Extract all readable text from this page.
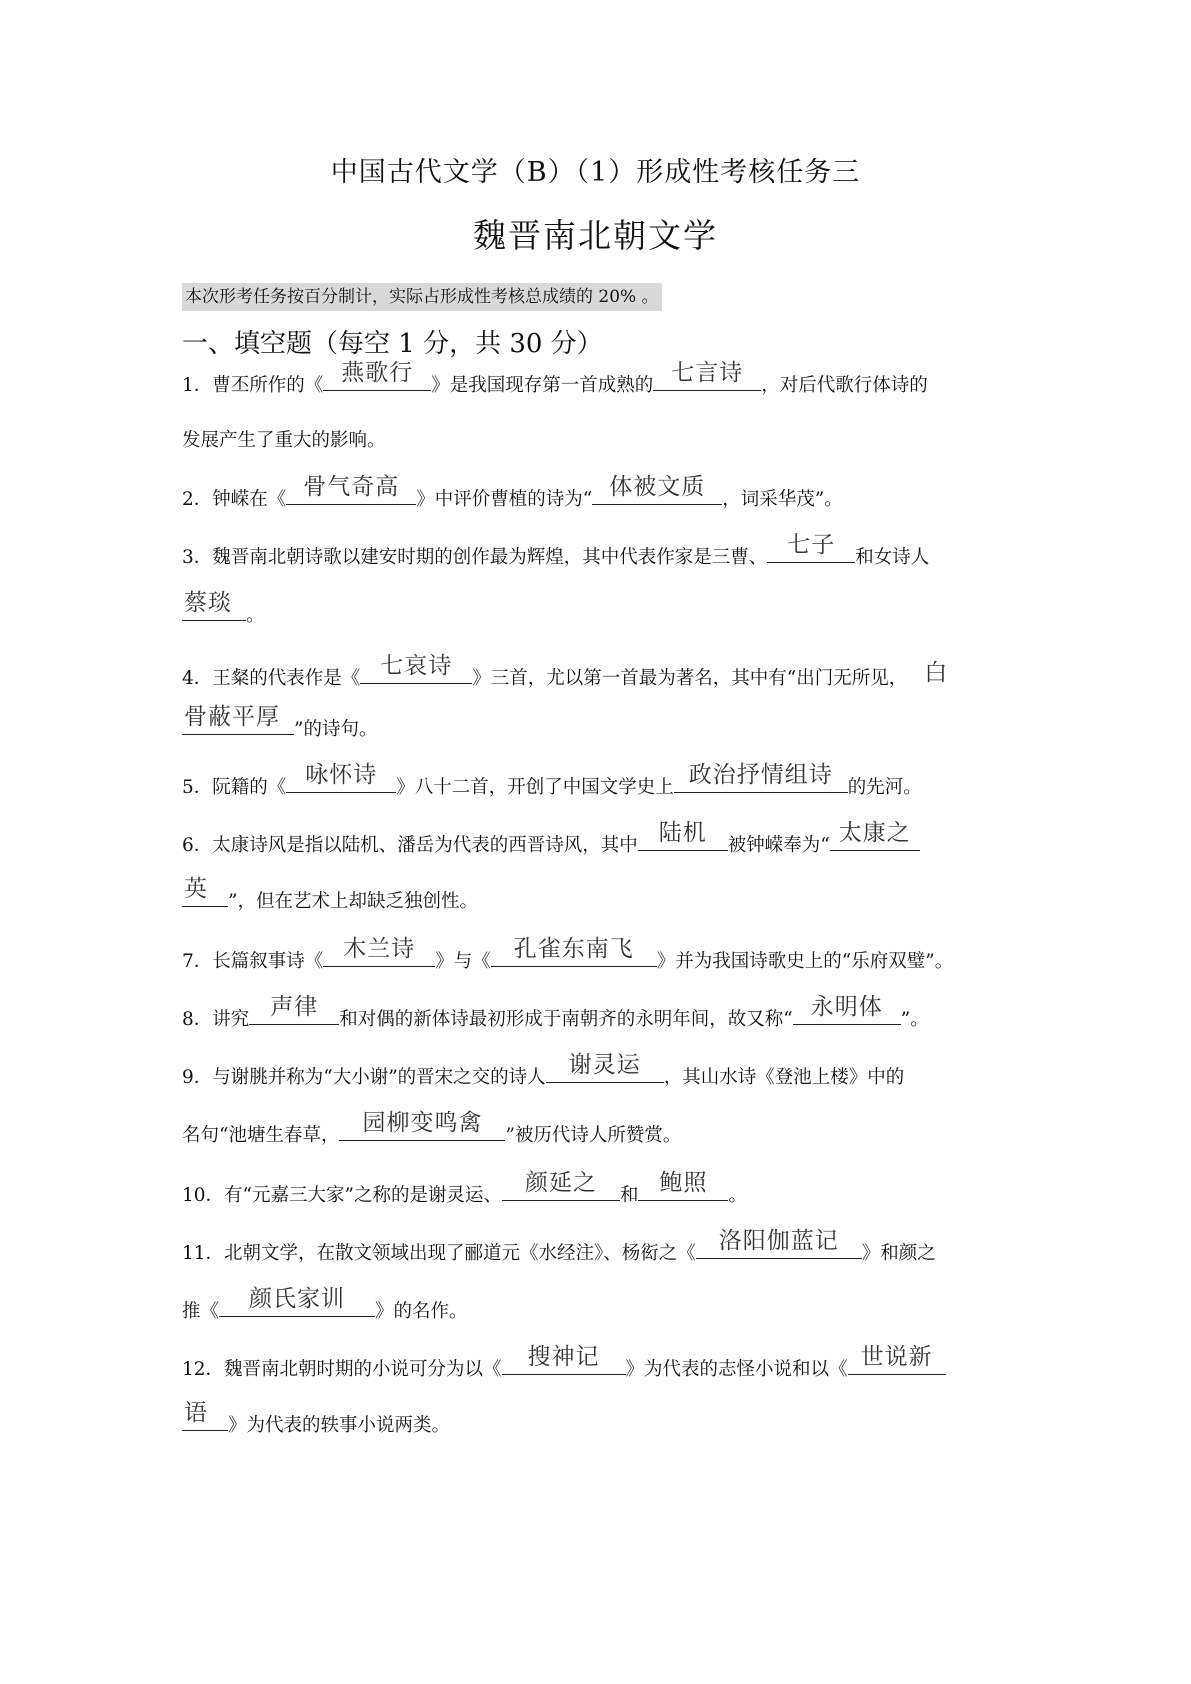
中国古代文学（B）（1）形成性考核任务三
魏晋南北朝文学
本次形考任务按百分制计，实际占形成性考核总成绩的 20% 。
一、填空题（每空 1 分，共 30 分）
1．曹丕所作的《 燕歌行 》是我国现存第一首成熟的 七言诗 ，对后代歌行体诗的
发展产生了重大的影响。
2．钟嵘在《 骨气奇高 》中评价曹植的诗为“ 体被文质 ，词采华茂”。
3．魏晋南北朝诗歌以建安时期的创作最为辉煌，其中代表作家是三曹、 七子	和女诗人
蔡琰 。
4．王粲的代表作是《 七哀诗	》三首，尤以第一首最为著名，其中有“出门无所见， 白
骨蔽平厚 ”的诗句。
5．阮籍的《 咏怀诗	》八十二首，开创了中国文学史上 政治抒情组诗 的先河。
6．太康诗风是指以陆机、潘岳为代表的西晋诗风，其中 陆机	被钟嵘奉为“ 太康之
英	”，但在艺术上却缺乏独创性。
7．长篇叙事诗《 木兰诗	》与《	孔雀东南飞	》并为我国诗歌史上的“乐府双璧”。
8．讲究 声律	和对偶的新体诗最初形成于南朝齐的永明年间，故又称“ 永明体 ”。
9．与谢朓并称为“大小谢”的晋宋之交的诗人	谢灵运	，其山水诗《登池上楼》中的
名句“池塘生春草，	园柳变鸣禽	”被历代诗人所赞赏。
10．有“元嘉三大家”之称的是谢灵运、	颜延之	和 鲍照	。
11．北朝文学，在散文领域出现了郦道元《水经注》、杨衒之《	洛阳伽蓝记	》和颜之
推《	颜氏家训	》的名作。
12．魏晋南北朝时期的小说可分为以《	搜神记	》为代表的志怪小说和以《 世说新
语	》为代表的轶事小说两类。
